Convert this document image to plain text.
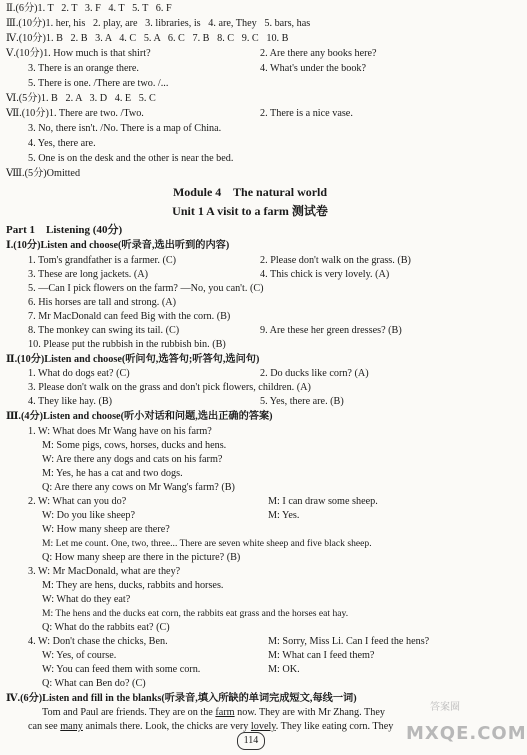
Ⅱ.(6分)1. T   2. T   3. F   4. T   5. T   6. F
Ⅲ.(10分)1. her, his   2. play, are   3. libraries, is   4. are, They   5. bars, has
Ⅳ.(10分)1. B   2. B   3. A   4. C   5. A   6. C   7. B   8. C   9. C   10. B
Ⅴ.(10分)1. How much is that shirt?	2. Are there any books here?
3. There is an orange there.	4. What's under the book?
5. There is one. /There are two. /...
Ⅵ.(5分)1. B   2. A   3. D   4. E   5. C
Ⅶ.(10分)1. There are two. /Two.	2. There is a nice vase.
3. No, there isn't. /No. There is a map of China.
4. Yes, there are.
5. One is on the desk and the other is near the bed.
Ⅷ.(5分)Omitted
Module 4    The natural world
Unit 1 A visit to a farm 测试卷
Part 1    Listening (40分)
Ⅰ.(10分)Listen and choose(听录音,选出听到的内容)
1. Tom's grandfather is a farmer. (C)	2. Please don't walk on the grass. (B)
3. These are long jackets. (A)	4. This chick is very lovely. (A)
5. —Can I pick flowers on the farm? —No, you can't. (C)
6. His horses are tall and strong. (A)
7. Mr MacDonald can feed Big with the corn. (B)
8. The monkey can swing its tail. (C)	9. Are these her green dresses? (B)
10. Please put the rubbish in the rubbish bin. (B)
Ⅱ.(10分)Listen and choose(听问句,选答句;听答句,选问句)
1. What do dogs eat? (C)	2. Do ducks like corn? (A)
3. Please don't walk on the grass and don't pick flowers, children. (A)
4. They like hay. (B)	5. Yes, there are. (B)
Ⅲ.(4分)Listen and choose(听小对话和问题,选出正确的答案)
1. W: What does Mr Wang have on his farm?
M: Some pigs, cows, horses, ducks and hens.
W: Are there any dogs and cats on his farm?
M: Yes, he has a cat and two dogs.
Q: Are there any cows on Mr Wang's farm? (B)
2. W: What can you do?	M: I can draw some sheep.
W: Do you like sheep?	M: Yes.
W: How many sheep are there?
M: Let me count. One, two, three... There are seven white sheep and five black sheep.
Q: How many sheep are there in the picture? (B)
3. W: Mr MacDonald, what are they?
M: They are hens, ducks, rabbits and horses.
W: What do they eat?
M: The hens and the ducks eat corn, the rabbits eat grass and the horses eat hay.
Q: What do the rabbits eat? (C)
4. W: Don't chase the chicks, Ben.	M: Sorry, Miss Li. Can I feed the hens?
W: Yes, of course.	M: What can I feed them?
W: You can feed them with some corn.	M: OK.
Q: What can Ben do? (C)
Ⅳ.(6分)Listen and fill in the blanks(听录音,填入所缺的单词完成短文,每线一词)
Tom and Paul are friends. They are on the farm now. They are with Mr Zhang. They
can see many animals there. Look, the chicks are very lovely. They like eating corn. They
114	MXQE.COM
答案圈
